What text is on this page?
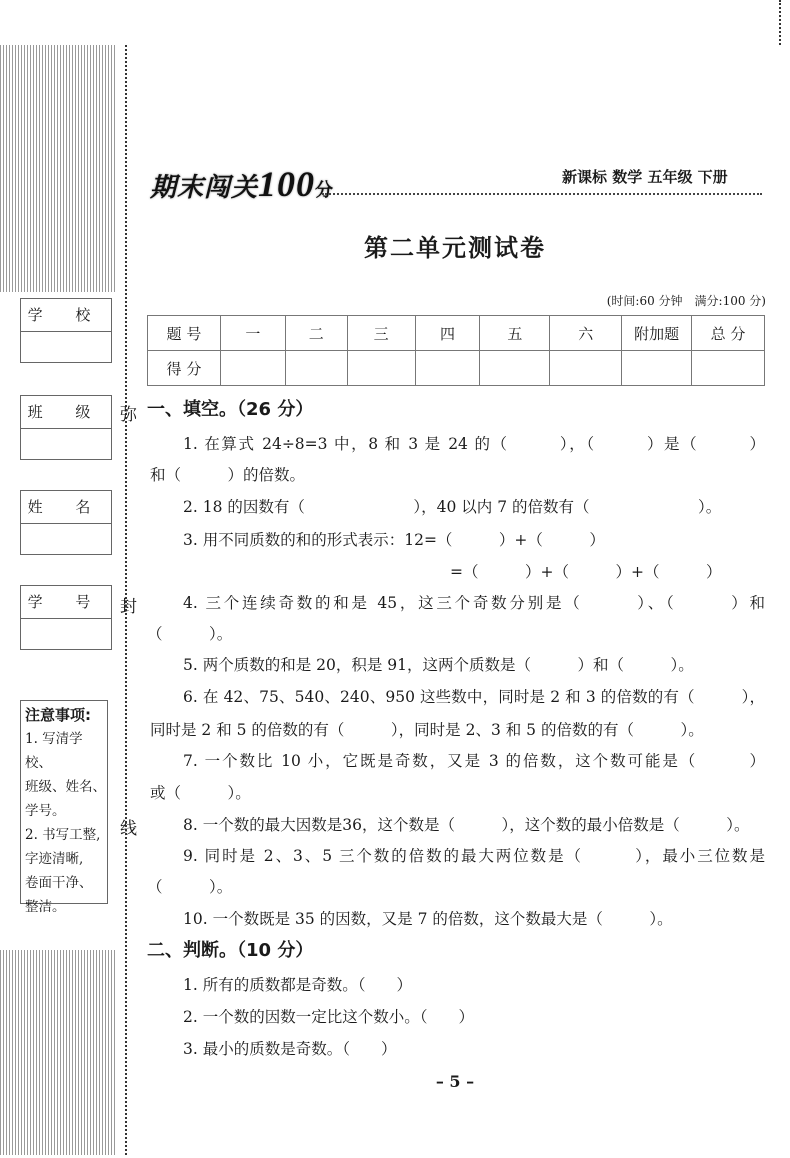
期末闯关100分
新课标 数学 五年级 下册
第二单元测试卷
(时间:60 分钟　满分:100 分)
题 号	一	二	三	四	五	六	附加题	总 分
得 分								
学 校
班 级
姓 名
学 号
注意事项:
1. 写清学校、
班级、姓名、
学号。
2. 书写工整,
字迹清晰,
卷面干净、
整洁。
弥
封
线
一、填空。（26 分）
1. 在算式 24÷8=3 中，8 和 3 是 24 的（　　　），（　　　）是（　　　）
和（　　　）的倍数。
2. 18 的因数有（　　　　　　　），40 以内 7 的倍数有（　　　　　　　）。
3. 用不同质数的和的形式表示：12=（　　　）+（　　　）
=（　　　）+（　　　）+（　　　）
4. 三个连续奇数的和是 45，这三个奇数分别是（　　　）、（　　　）和
（　　　）。
5. 两个质数的和是 20，积是 91，这两个质数是（　　　）和（　　　）。
6. 在 42、75、540、240、950 这些数中，同时是 2 和 3 的倍数的有（　　　），
同时是 2 和 5 的倍数的有（　　　），同时是 2、3 和 5 的倍数的有（　　　）。
7. 一个数比 10 小，它既是奇数，又是 3 的倍数，这个数可能是（　　　）
或（　　　）。
8. 一个数的最大因数是36，这个数是（　　　），这个数的最小倍数是（　　　）。
9. 同时是 2、3、5 三个数的倍数的最大两位数是（　　　），最小三位数是
（　　　）。
10. 一个数既是 35 的因数，又是 7 的倍数，这个数最大是（　　　）。
二、判断。（10 分）
1. 所有的质数都是奇数。（　　）
2. 一个数的因数一定比这个数小。（　　）
3. 最小的质数是奇数。（　　）
– 5 –
